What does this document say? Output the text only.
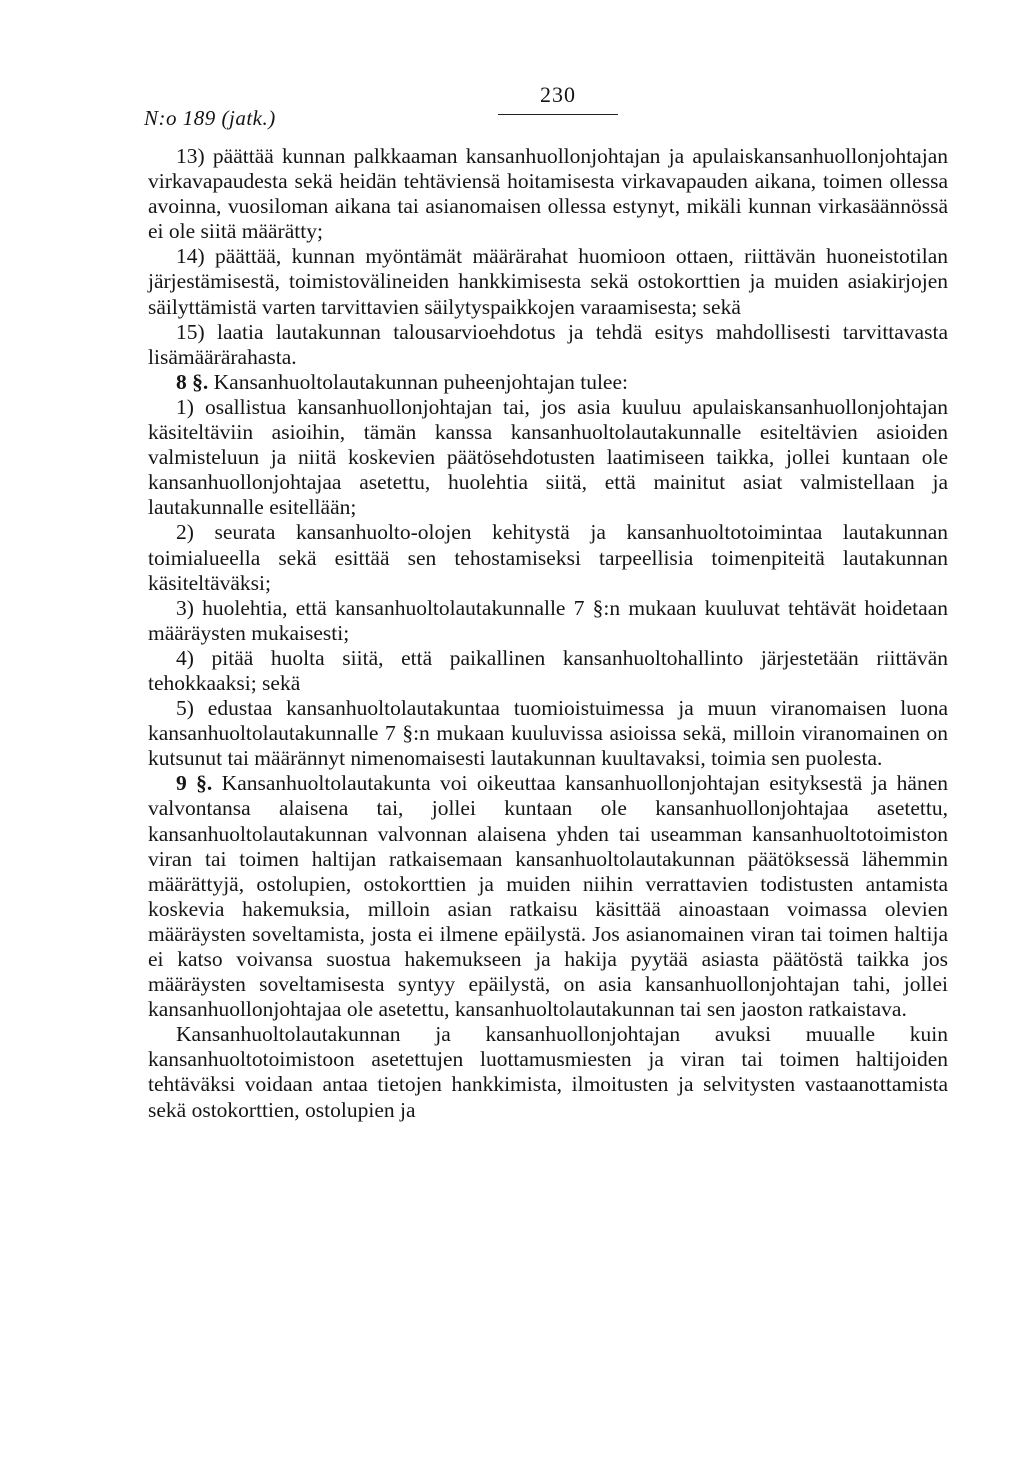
N:o 189 (jatk.)
230

13) päättää kunnan palkkaaman kansanhuollonjohtajan ja apulaiskansanhuollonjohtajan virkavapaudesta sekä heidän tehtäviensä hoitamisesta virkavapauden aikana, toimen ollessa avoinna, vuosiloman aikana tai asianomaisen ollessa estynyt, mikäli kunnan virkasäännössä ei ole siitä määrätty;

14) päättää, kunnan myöntämät määrärahat huomioon ottaen, riittävän huoneistotilan järjestämisestä, toimistovälineiden hankkimisesta sekä ostokorttien ja muiden asiakirjojen säilyttämistä varten tarvittavien säilytyspaikkojen varaamisesta; sekä

15) laatia lautakunnan talousarvioehdotus ja tehdä esitys mahdollisesti tarvittavasta lisämäärärahasta.

8 §. Kansanhuoltolautakunnan puheenjohtajan tulee:

1) osallistua kansanhuollonjohtajan tai, jos asia kuuluu apulaiskansanhuollonjohtajan käsiteltäviin asioihin, tämän kanssa kansanhuoltolautakunnalle esiteltävien asioiden valmisteluun ja niitä koskevien päätösehdotusten laatimiseen taikka, jollei kuntaan ole kansanhuollonjohtajaa asetettu, huolehtia siitä, että mainitut asiat valmistellaan ja lautakunnalle esitellään;

2) seurata kansanhuolto-olojen kehitystä ja kansanhuoltotoimintaa lautakunnan toimialueella sekä esittää sen tehostamiseksi tarpeellisia toimenpiteitä lautakunnan käsiteltäväksi;

3) huolehtia, että kansanhuoltolautakunnalle 7 §:n mukaan kuuluvat tehtävät hoidetaan määräysten mukaisesti;

4) pitää huolta siitä, että paikallinen kansanhuoltohallinto järjestetään riittävän tehokkaaksi; sekä

5) edustaa kansanhuoltolautakuntaa tuomioistuimessa ja muun viranomaisen luona kansanhuoltolautakunnalle 7 §:n mukaan kuuluvissa asioissa sekä, milloin viranomainen on kutsunut tai määrännyt nimenomaisesti lautakunnan kuultavaksi, toimia sen puolesta.

9 §. Kansanhuoltolautakunta voi oikeuttaa kansanhuollonjohtajan esityksestä ja hänen valvontansa alaisena tai, jollei kuntaan ole kansanhuollonjohtajaa asetettu, kansanhuoltolautakunnan valvonnan alaisena yhden tai useamman kansanhuoltotoimiston viran tai toimen haltijan ratkaisemaan kansanhuoltolautakunnan päätöksessä lähemmin määrättyjä, ostolupien, ostokorttien ja muiden niihin verrattavien todistusten antamista koskevia hakemuksia, milloin asian ratkaisu käsittää ainoastaan voimassa olevien määräysten soveltamista, josta ei ilmene epäilystä. Jos asianomainen viran tai toimen haltija ei katso voivansa suostua hakemukseen ja hakija pyytää asiasta päätöstä taikka jos määräysten soveltamisesta syntyy epäilystä, on asia kansanhuollonjohtajan tahi, jollei kansanhuollonjohtajaa ole asetettu, kansanhuoltolautakunnan tai sen jaoston ratkaistava.

Kansanhuoltolautakunnan ja kansanhuollonjohtajan avuksi muualle kuin kansanhuoltotoimistoon asetettujen luottamusmiesten ja viran tai toimen haltijoiden tehtäväksi voidaan antaa tietojen hankkimista, ilmoitusten ja selvitysten vastaanottamista sekä ostokorttien, ostolupien ja
